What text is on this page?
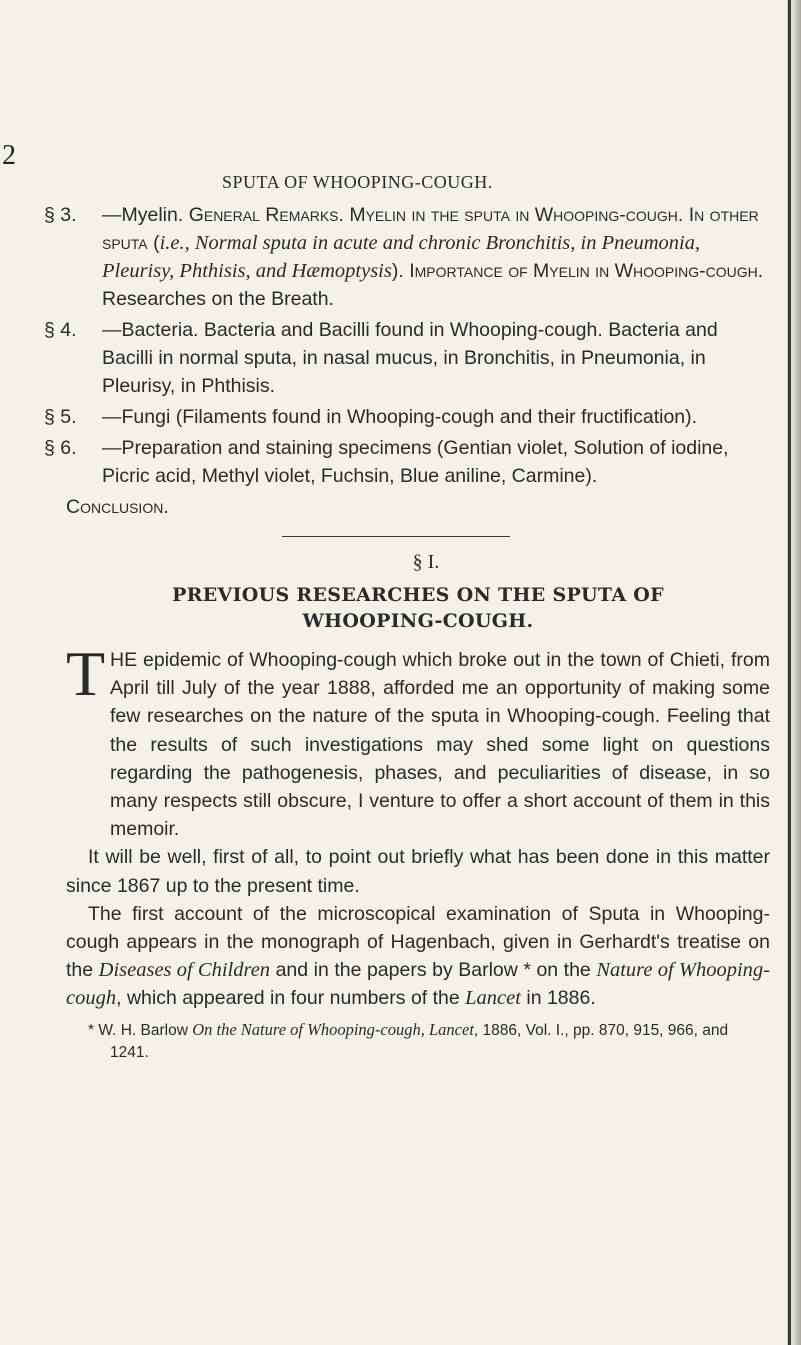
2
SPUTA OF WHOOPING-COUGH.
§ 3. —Myelin. General Remarks. Myelin in the sputa in Whooping-cough. In other sputa (i.e., Normal sputa in acute and chronic Bronchitis, in Pneumonia, Pleurisy, Phthisis, and Hæmoptysis). Importance of Myelin in Whooping-cough. Researches on the Breath.
§ 4. —Bacteria. Bacteria and Bacilli found in Whooping-cough. Bacteria and Bacilli in normal sputa, in nasal mucus, in Bronchitis, in Pneumonia, in Pleurisy, in Phthisis.
§ 5. —Fungi (Filaments found in Whooping-cough and their fructification).
§ 6. —Preparation and staining specimens (Gentian violet, Solution of iodine, Picric acid, Methyl violet, Fuchsin, Blue aniline, Carmine).
Conclusion.
§ I.
PREVIOUS RESEARCHES ON THE SPUTA OF
WHOOPING-COUGH.

T HE epidemic of Whooping-cough which broke out in the town of Chieti, from April till July of the year 1888, afforded me an opportunity of making some few researches on the nature of the sputa in Whooping-cough. Feeling that the results of such investigations may shed some light on questions regarding the pathogenesis, phases, and peculiarities of disease, in so many respects still obscure, I venture to offer a short account of them in this memoir.

It will be well, first of all, to point out briefly what has been done in this matter since 1867 up to the present time.

The first account of the microscopical examination of Sputa in Whooping-cough appears in the monograph of Hagenbach, given in Gerhardt's treatise on the Diseases of Children and in the papers by Barlow * on the Nature of Whooping-cough, which appeared in four numbers of the Lancet in 1886.

* W. H. Barlow On the Nature of Whooping-cough, Lancet, 1886, Vol. I., pp. 870, 915, 966, and 1241.
